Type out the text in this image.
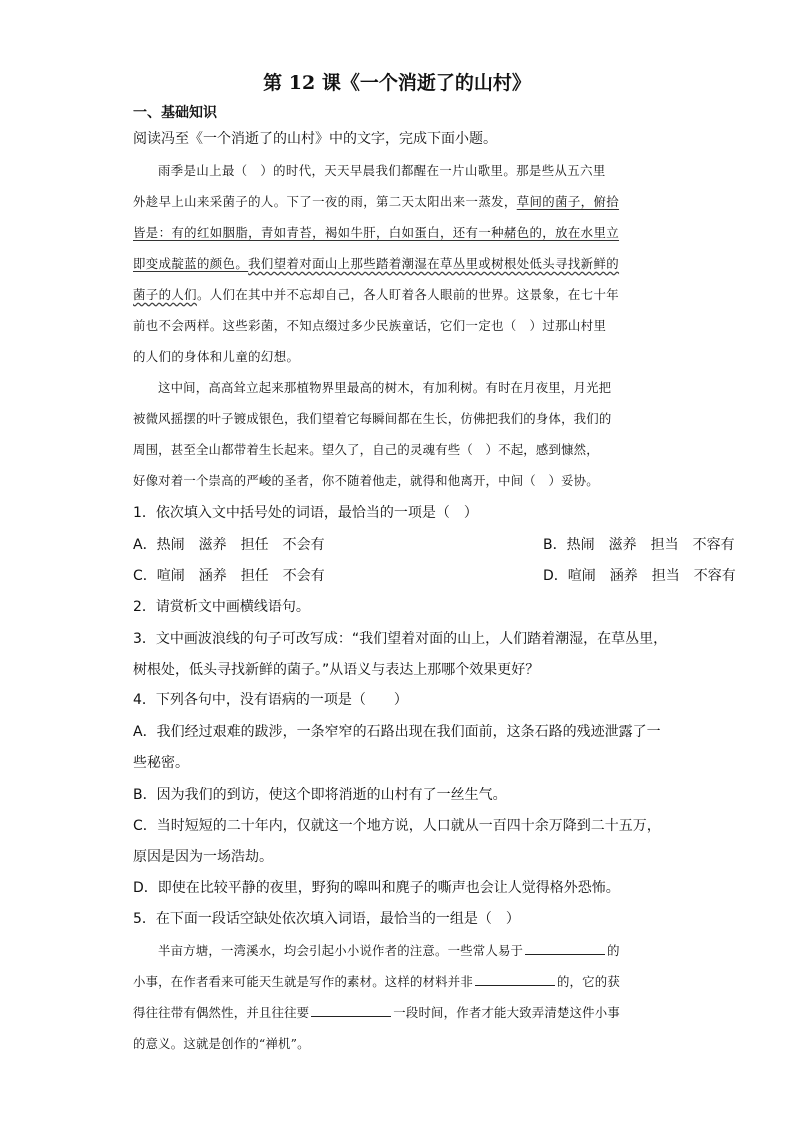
第 12 课《一个消逝了的山村》
一、基础知识
阅读冯至《一个消逝了的山村》中的文字，完成下面小题。
雨季是山上最（　）的时代，天天早晨我们都醒在一片山歌里。那是些从五六里
外趁早上山来采菌子的人。下了一夜的雨，第二天太阳出来一蒸发，草间的菌子，俯拾
皆是：有的红如胭脂，青如青苔，褐如牛肝，白如蛋白，还有一种赭色的，放在水里立
即变成靛蓝的颜色。我们望着对面山上那些踏着潮湿在草丛里或树根处低头寻找新鲜的
菌子的人们。人们在其中并不忘却自己，各人盯着各人眼前的世界。这景象，在七十年
前也不会两样。这些彩菌，不知点缀过多少民族童话，它们一定也（　）过那山村里
的人们的身体和儿童的幻想。
这中间，高高耸立起来那植物界里最高的树木，有加利树。有时在月夜里，月光把
被微风摇摆的叶子镀成银色，我们望着它每瞬间都在生长，仿佛把我们的身体，我们的
周围，甚至全山都带着生长起来。望久了，自己的灵魂有些（　）不起，感到慷然，
好像对着一个崇高的严峻的圣者，你不随着他走，就得和他离开，中间（　）妥协。
1．依次填入文中括号处的词语，最恰当的一项是（　）
A．热闹　滋养　担任　不会有	B．热闹　滋养　担当　不容有
C．喧闹　涵养　担任　不会有	D．喧闹　涵养　担当　不容有
2．请赏析文中画横线语句。
3．文中画波浪线的句子可改写成：“我们望着对面的山上，人们踏着潮湿，在草丛里，
树根处，低头寻找新鲜的菌子。”从语义与表达上那哪个效果更好？
4．下列各句中，没有语病的一项是（　　）
A．我们经过艰难的跋涉，一条窄窄的石路出现在我们面前，这条石路的残迹泄露了一
些秘密。
B．因为我们的到访，使这个即将消逝的山村有了一丝生气。
C．当时短短的二十年内，仅就这一个地方说，人口就从一百四十余万降到二十五万，
原因是因为一场浩劫。
D．即使在比较平静的夜里，野狗的嗥叫和麂子的嘶声也会让人觉得格外恐怖。
5．在下面一段话空缺处依次填入词语，最恰当的一组是（　）
半亩方塘，一湾溪水，均会引起小小说作者的注意。一些常人易于	的
小事，在作者看来可能天生就是写作的素材。这样的材料并非	的，它的获
得往往带有偶然性，并且往往要	一段时间，作者才能大致弄清楚这件小事
的意义。这就是创作的“禅机”。
